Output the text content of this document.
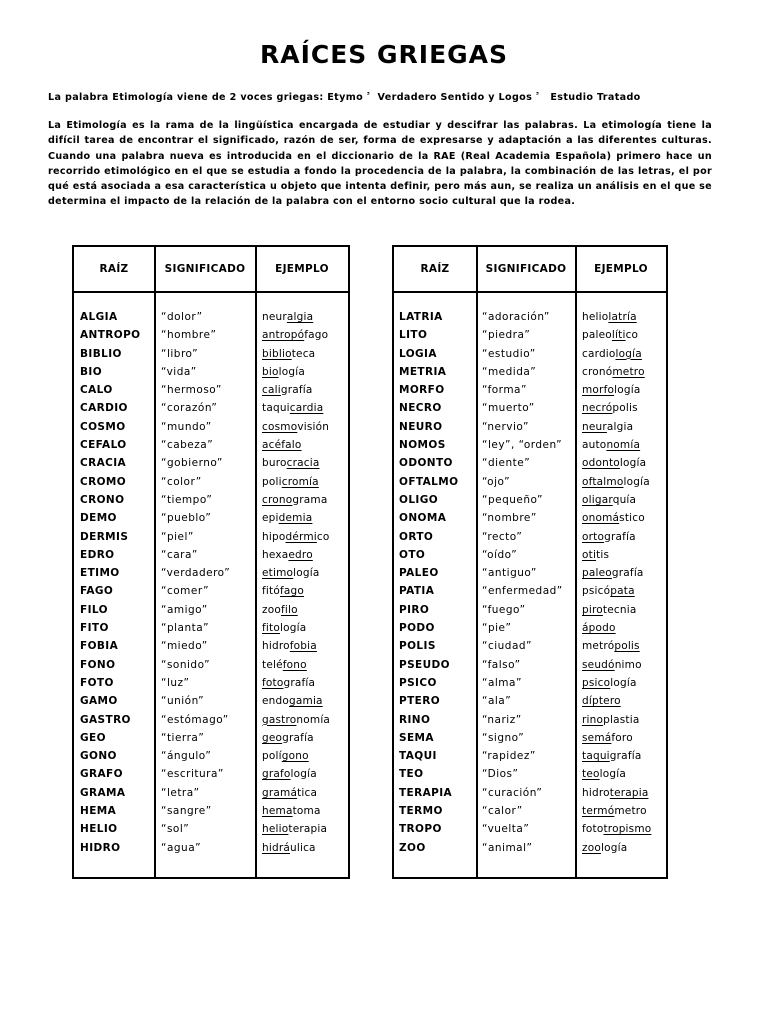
RAÍCES GRIEGAS
La palabra Etimología viene de 2 voces griegas: Etymo $^{^3}$ Verdadero Sentido y Logos $^{^3}$ Estudio Tratado
La Etimología es la rama de la lingüística encargada de estudiar y descifrar las palabras. La etimología tiene la difícil tarea de encontrar el significado, razón de ser, forma de expresarse y adaptación a las diferentes culturas. Cuando una palabra nueva es introducida en el diccionario de la RAE (Real Academia Española) primero hace un recorrido etimológico en el que se estudia a fondo la procedencia de la palabra, la combinación de las letras, el por qué está asociada a esa característica u objeto que intenta definir, pero más aun, se realiza un análisis en el que se determina el impacto de la relación de la palabra con el entorno socio cultural que la rodea.
RAÍZ	SIGNIFICADO	EJEMPLO
ALGIA	“dolor”	neuralgia
ANTROPO “hombre”	antropófago
BIBLIO	“libro”	biblioteca
BIO	“vida”	biología
CALO	“hermoso”	caligrafía
CARDIO	“corazón”	taquicardia
COSMO	“mundo”	cosmovisión
CEFALO	“cabeza”	acéfalo
CRACIA	“gobierno”	burocracia
CROMO	“color”	policromía
CRONO	“tiempo”	cronograma
DEMO	“pueblo”	epidemia
DERMIS	“piel”	hipodérmico
EDRO	“cara”	hexaedro
ETIMO	“verdadero”	etimología
FAGO	“comer”	fitófago
FILO	“amigo”	zoofilo
FITO	“planta”	fitología
FOBIA	“miedo”	hidrofobia
FONO	“sonido”	teléfono
FOTO	“luz”	fotografía
GAMO	“unión”	endogamia
GASTRO	“estómago”	gastronomía
GEO	“tierra”	geografía
GONO	“ángulo”	polígono
GRAFO	“escritura”	grafología
GRAMA	“letra”	gramática
HEMA	“sangre”	hematoma
HELIO	“sol”	helioterapia
HIDRO	“agua”	hidráulica
RAÍZ	SIGNIFICADO	EJEMPLO
LATRIA	“adoración”	heliolatría
LITO	“piedra”	paleolítico
LOGIA	“estudio”	cardiología
METRIA	“medida”	cronómetro
MORFO	“forma”	morfología
NECRO	“muerto”	necrópolis
NEURO	“nervio”	neuralgia
NOMOS	“ley”, “orden” autonomía
ODONTO	“diente”	odontología
OFTALMO “ojo”	oftalmología
OLIGO	“pequeño”	oligarquía
ONOMA	“nombre”	onomástico
ORTO	“recto”	ortografía
OTO	“oído”	otitis
PALEO	“antiguo”	paleografía
PATIA	“enfermedad” psicópata
PIRO	“fuego”	pirotecnia
PODO	“pie”	ápodo
POLIS	“ciudad”	metrópolis
PSEUDO	“falso”	seudónimo
PSICO	“alma”	psicología
PTERO	“ala”	díptero
RINO	“nariz”	rinoplastia
SEMA	“signo”	semáforo
TAQUI	“rapidez”	taquigrafía
TEO	“Dios”	teología
TERAPIA	“curación”	hidroterapia
TERMO	“calor”	termómetro
TROPO	“vuelta”	fototropismo
ZOO	“animal”	zoología
